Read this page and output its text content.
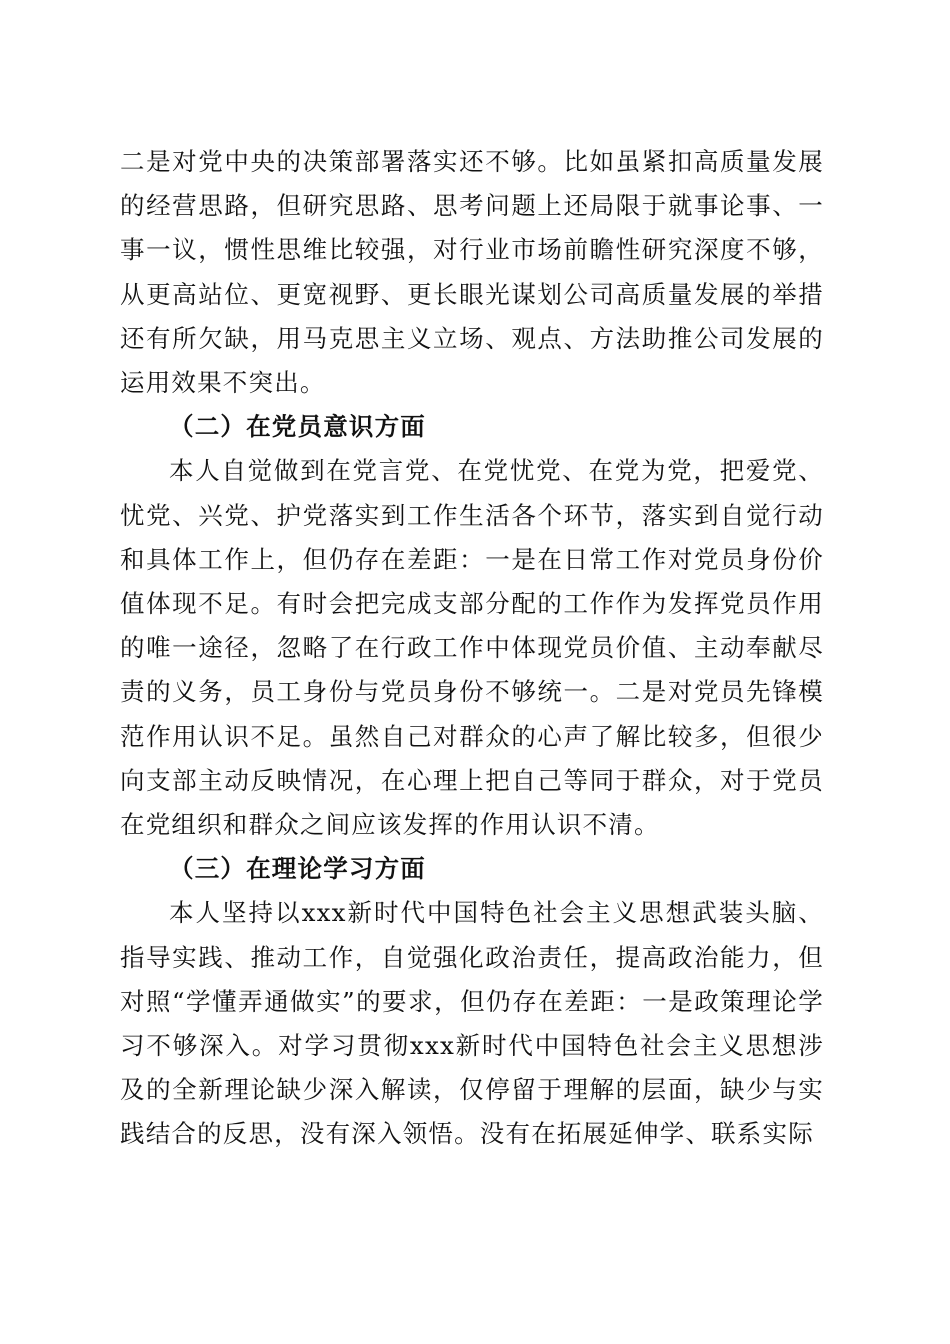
二是对党中央的决策部署落实还不够。比如虽紧扣高质量发展的经营思路，但研究思路、思考问题上还局限于就事论事、一事一议，惯性思维比较强，对行业市场前瞻性研究深度不够，从更高站位、更宽视野、更长眼光谋划公司高质量发展的举措还有所欠缺，用马克思主义立场、观点、方法助推公司发展的运用效果不突出。

（二）在党员意识方面

本人自觉做到在党言党、在党忧党、在党为党，把爱党、忧党、兴党、护党落实到工作生活各个环节，落实到自觉行动和具体工作上，但仍存在差距：一是在日常工作对党员身份价值体现不足。有时会把完成支部分配的工作作为发挥党员作用的唯一途径，忽略了在行政工作中体现党员价值、主动奉献尽责的义务，员工身份与党员身份不够统一。二是对党员先锋模范作用认识不足。虽然自己对群众的心声了解比较多，但很少向支部主动反映情况，在心理上把自己等同于群众，对于党员在党组织和群众之间应该发挥的作用认识不清。

（三）在理论学习方面

本人坚持以xxx新时代中国特色社会主义思想武装头脑、指导实践、推动工作，自觉强化政治责任，提高政治能力，但对照“学懂弄通做实”的要求，但仍存在差距：一是政策理论学习不够深入。对学习贯彻xxx新时代中国特色社会主义思想涉及的全新理论缺少深入解读，仅停留于理解的层面，缺少与实践结合的反思，没有深入领悟。没有在拓展延伸学、联系实际
